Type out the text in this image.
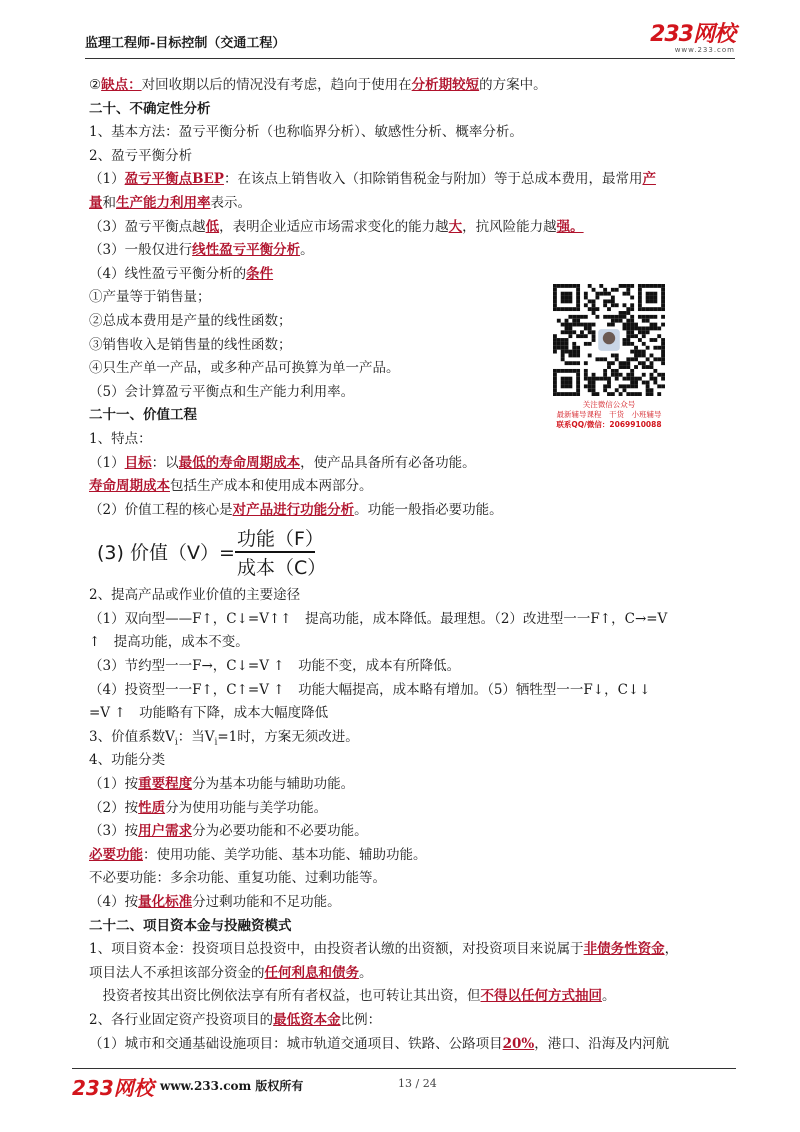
监理工程师-目标控制（交通工程）	233网校
www.233.com
②缺点：对回收期以后的情况没有考虑，趋向于使用在分析期较短的方案中。
二十、不确定性分析
1、基本方法：盈亏平衡分析（也称临界分析）、敏感性分析、概率分析。
2、盈亏平衡分析
（1）盈亏平衡点BEP：在该点上销售收入（扣除销售税金与附加）等于总成本费用，最常用产
量和生产能力利用率表示。
（3）盈亏平衡点越低，表明企业适应市场需求变化的能力越大，抗风险能力越强。
（3）一般仅进行线性盈亏平衡分析。
（4）线性盈亏平衡分析的条件
①产量等于销售量；
②总成本费用是产量的线性函数；
③销售收入是销售量的线性函数；
④只生产单一产品，或多种产品可换算为单一产品。
（5）会计算盈亏平衡点和生产能力利用率。
二十一、价值工程
1、特点：
（1）目标：以最低的寿命周期成本，使产品具备所有必备功能。
寿命周期成本包括生产成本和使用成本两部分。
（2）价值工程的核心是对产品进行功能分析。功能一般指必要功能。
(3) 价值（V）=
功能（F）
成本（C）
2、提高产品或作业价值的主要途径
（1）双向型——F↑，C↓=V↑↑　提高功能，成本降低。最理想。（2）改进型一一F↑，C→=V
↑　提高功能，成本不变。
（3）节约型一一F→，C↓=V ↑　功能不变，成本有所降低。
（4）投资型一一F↑，C↑=V ↑　功能大幅提高，成本略有增加。（5）牺牲型一一F↓，C↓↓
=V ↑　功能略有下降，成本大幅度降低
3、价值系数$V_i$：当$V_i=1$时，方案无须改进。
4、功能分类
（1）按重要程度分为基本功能与辅助功能。
（2）按性质分为使用功能与美学功能。
（3）按用户需求分为必要功能和不必要功能。
必要功能：使用功能、美学功能、基本功能、辅助功能。
不必要功能：多余功能、重复功能、过剩功能等。
（4）按量化标准分过剩功能和不足功能。
二十二、项目资本金与投融资模式
1、项目资本金：投资项目总投资中，由投资者认缴的出资额，对投资项目来说属于非债务性资金，
项目法人不承担该部分资金的任何利息和债务。
　投资者按其出资比例依法享有所有者权益，也可转让其出资，但不得以任何方式抽回。
2、各行业固定资产投资项目的最低资本金比例：
（1）城市和交通基础设施项目：城市轨道交通项目、铁路、公路项目20%，港口、沿海及内河航
关注微信公众号
最新辅导课程　干货　小班辅导
联系QQ/微信：2069910088
233网校 www.233.com 版权所有	13 / 24
